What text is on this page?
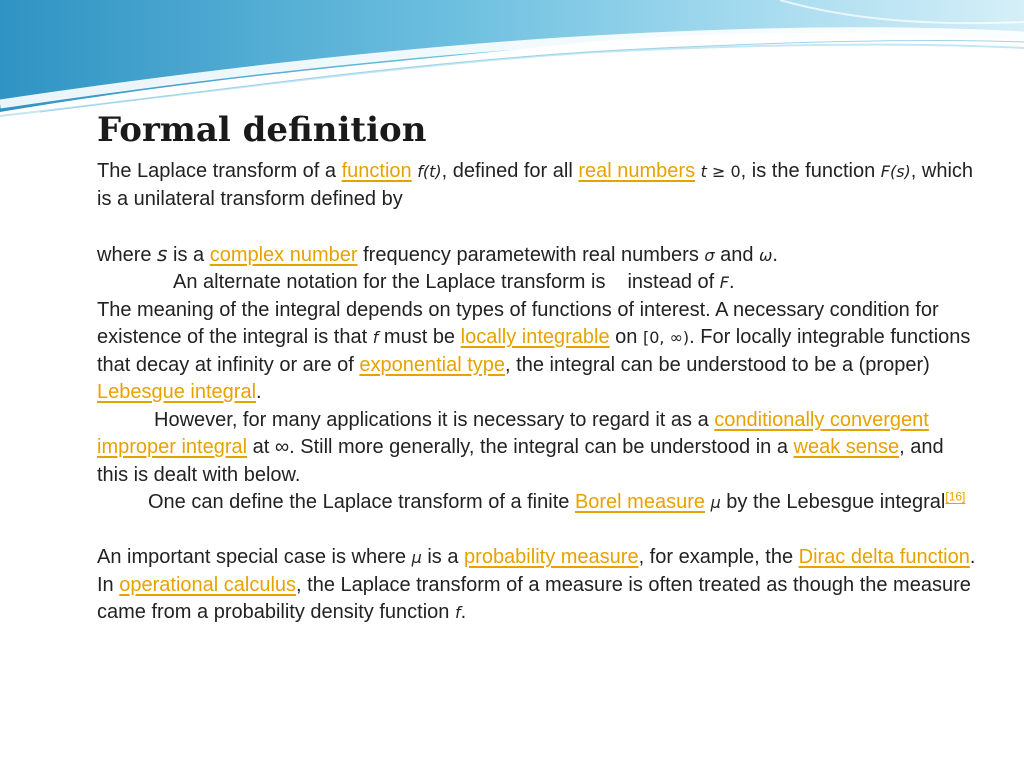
Formal definition

The Laplace transform of a function f(t), defined for all real numbers t ≥ 0, is the function F(s), which is a unilateral transform defined by

where s is a complex number frequency parametewith real numbers σ and ω.

An alternate notation for the Laplace transform is instead of F.

The meaning of the integral depends on types of functions of interest. A necessary condition for existence of the integral is that f must be locally integrable on [0, ∞). For locally integrable functions that decay at infinity or are of exponential type, the integral can be understood to be a (proper) Lebesgue integral.

However, for many applications it is necessary to regard it as a conditionally convergent improper integral at ∞. Still more generally, the integral can be understood in a weak sense, and this is dealt with below.

One can define the Laplace transform of a finite Borel measure μ by the Lebesgue integral[16]

An important special case is where μ is a probability measure, for example, the Dirac delta function. In operational calculus, the Laplace transform of a measure is often treated as though the measure came from a probability density function f.
